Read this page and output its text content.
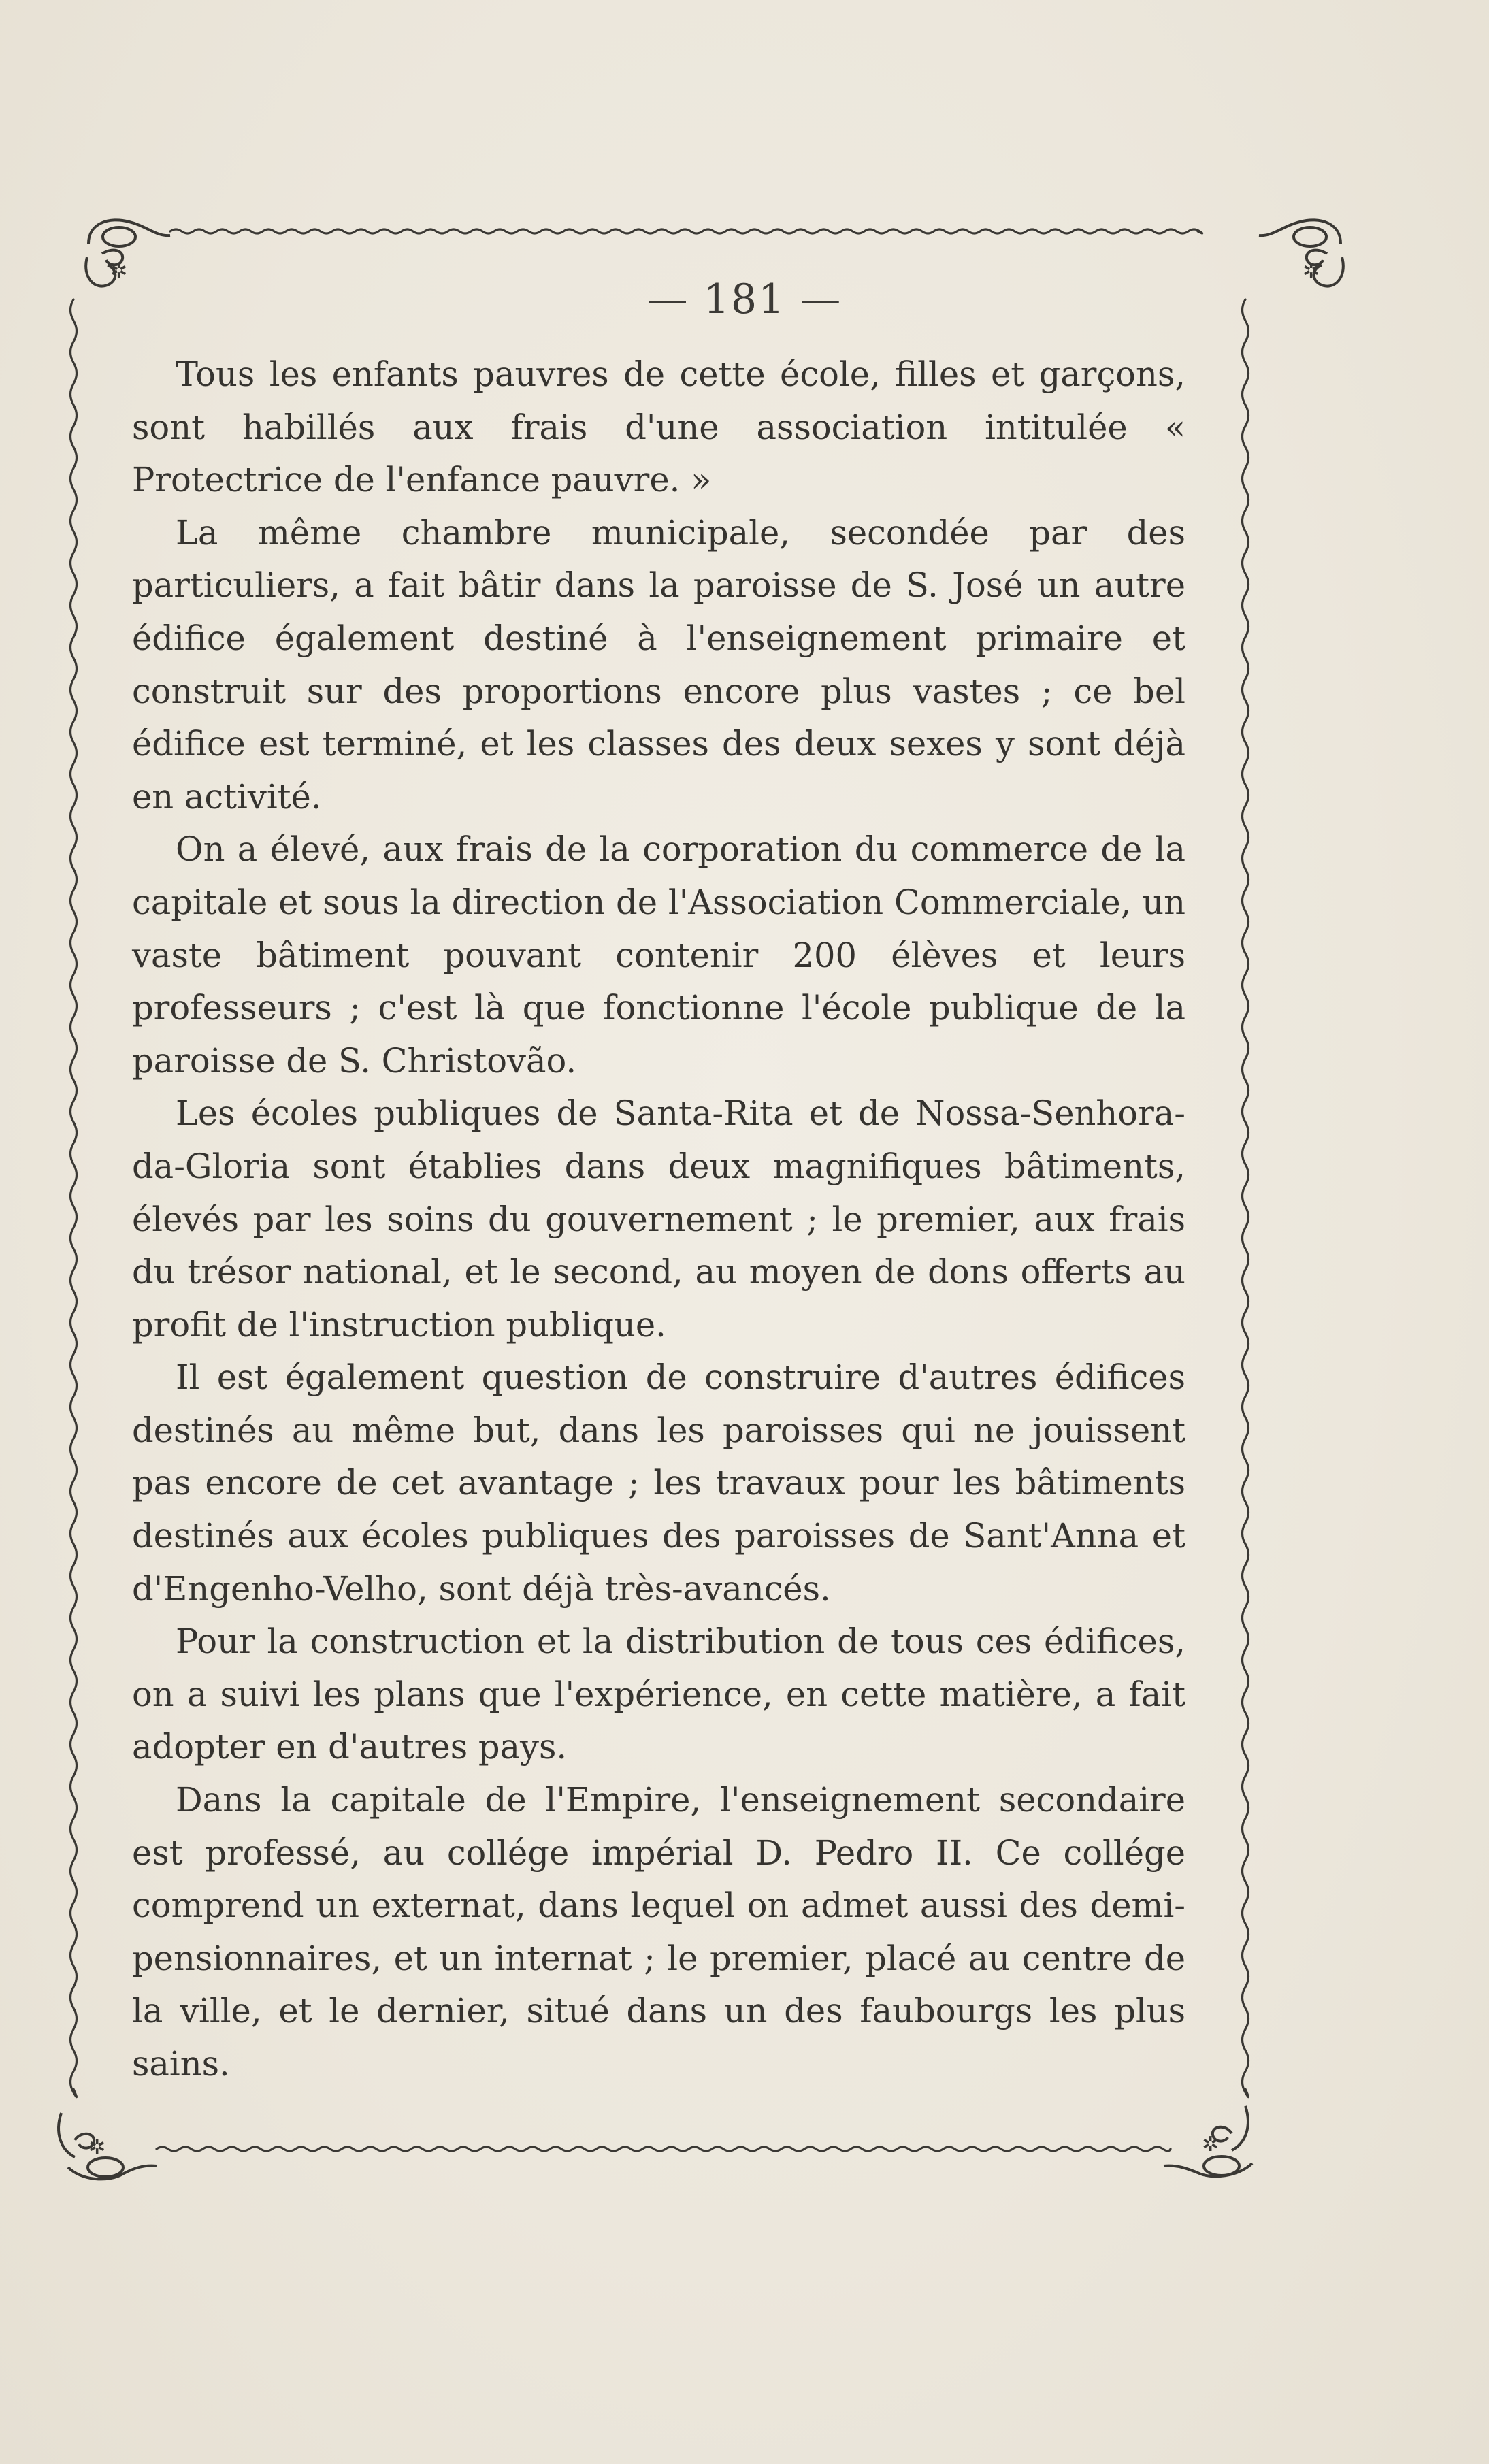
✲	✲
✲	✲
— 181 —

Tous les enfants pauvres de cette école, filles et garçons, sont habillés aux frais d'une association intitulée « Protectrice de l'enfance pauvre. »

La même chambre municipale, secondée par des particuliers, a fait bâtir dans la paroisse de S. José un autre édifice également destiné à l'enseignement primaire et construit sur des proportions encore plus vastes ; ce bel édifice est terminé, et les classes des deux sexes y sont déjà en activité.

On a élevé, aux frais de la corporation du commerce de la capitale et sous la direction de l'Association Commerciale, un vaste bâtiment pouvant contenir 200 élèves et leurs professeurs ; c'est là que fonctionne l'école publique de la paroisse de S. Christovão.

Les écoles publiques de Santa-Rita et de Nossa-Senhora-da-Gloria sont établies dans deux magnifiques bâtiments, élevés par les soins du gouvernement ; le premier, aux frais du trésor national, et le second, au moyen de dons offerts au profit de l'instruction publique.

Il est également question de construire d'autres édifices destinés au même but, dans les paroisses qui ne jouissent pas encore de cet avantage ; les travaux pour les bâtiments destinés aux écoles publiques des paroisses de Sant'Anna et d'Engenho-Velho, sont déjà très-avancés.

Pour la construction et la distribution de tous ces édifices, on a suivi les plans que l'expérience, en cette matière, a fait adopter en d'autres pays.

Dans la capitale de l'Empire, l'enseignement secondaire est professé, au collége impérial D. Pedro II. Ce collége comprend un externat, dans lequel on admet aussi des demi-pensionnaires, et un internat ; le premier, placé au centre de la ville, et le dernier, situé dans un des faubourgs les plus sains.
